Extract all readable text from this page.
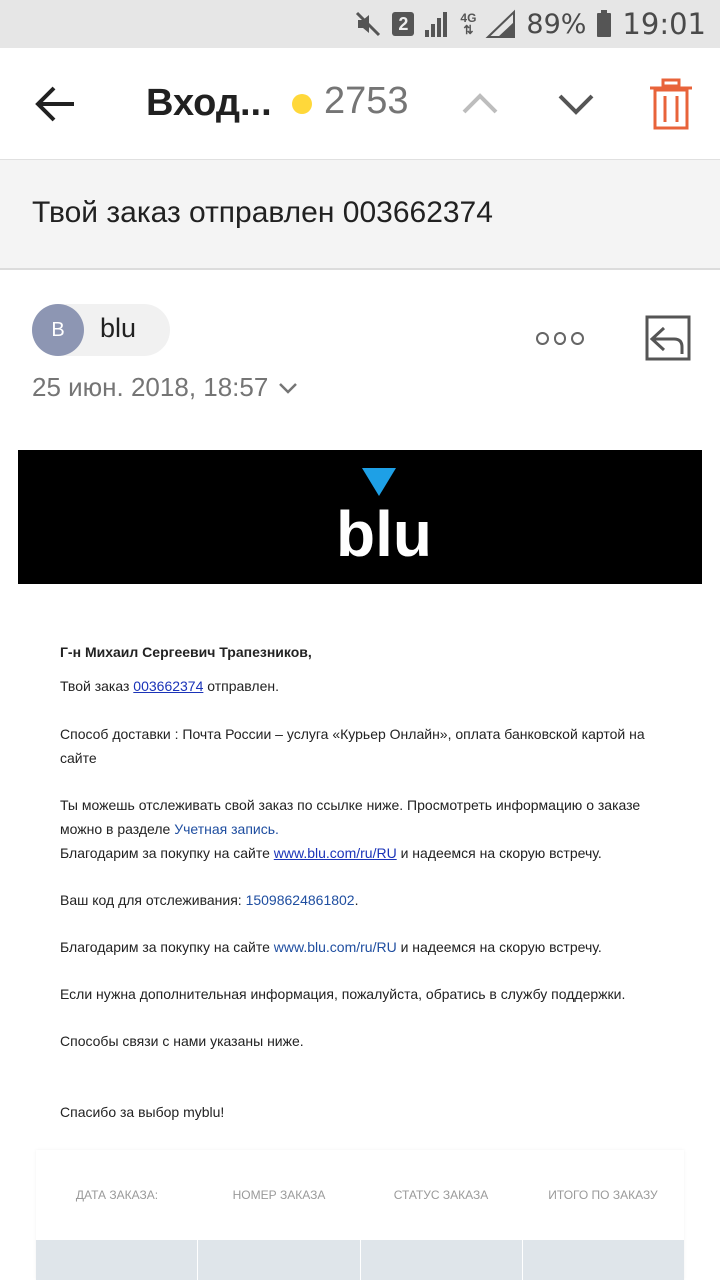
2	4G
⇅ 89% 19:01
Вход... 2753
Твой заказ отправлен 003662374
B	blu
25 июн. 2018, 18:57
blu

Г-н Михаил Сергеевич Трапезников,

Твой заказ 003662374 отправлен.

Способ доставки : Почта России – услуга «Курьер Онлайн», оплата банковской картой на сайте

Ты можешь отслеживать свой заказ по ссылке ниже. Просмотреть информацию о заказе можно в разделе Учетная запись.

Благодарим за покупку на сайте www.blu.com/ru/RU и надеемся на скорую встречу.

Ваш код для отслеживания: 15098624861802.

Благодарим за покупку на сайте www.blu.com/ru/RU и надеемся на скорую встречу.

Если нужна дополнительная информация, пожалуйста, обратись в службу поддержки.

Способы связи с нами указаны ниже.

Спасибо за выбор myblu!

ДАТА ЗАКАЗА:	НОМЕР ЗАКАЗА	СТАТУС ЗАКАЗА	ИТОГО ПО ЗАКАЗУ
